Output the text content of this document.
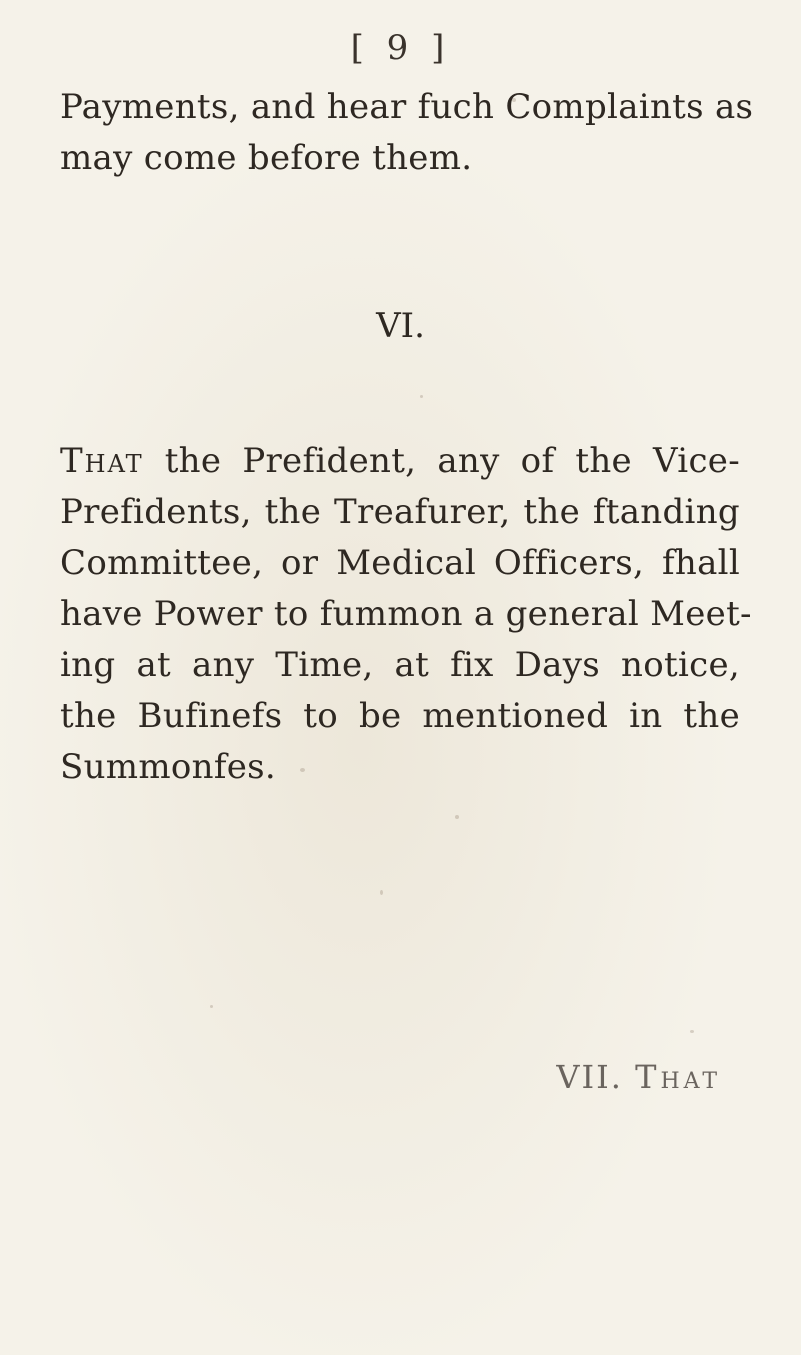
[ 9 ]
Payments, and hear fuch Complaints as
may come before them.
VI.
That the Prefident, any of the Vice-
Prefidents, the Treafurer, the ftanding
Committee, or Medical Officers, fhall
have Power to fummon a general Meet-
ing at any Time, at fix Days notice,
the Bufinefs to be mentioned in the
Summonfes.
VII. That
